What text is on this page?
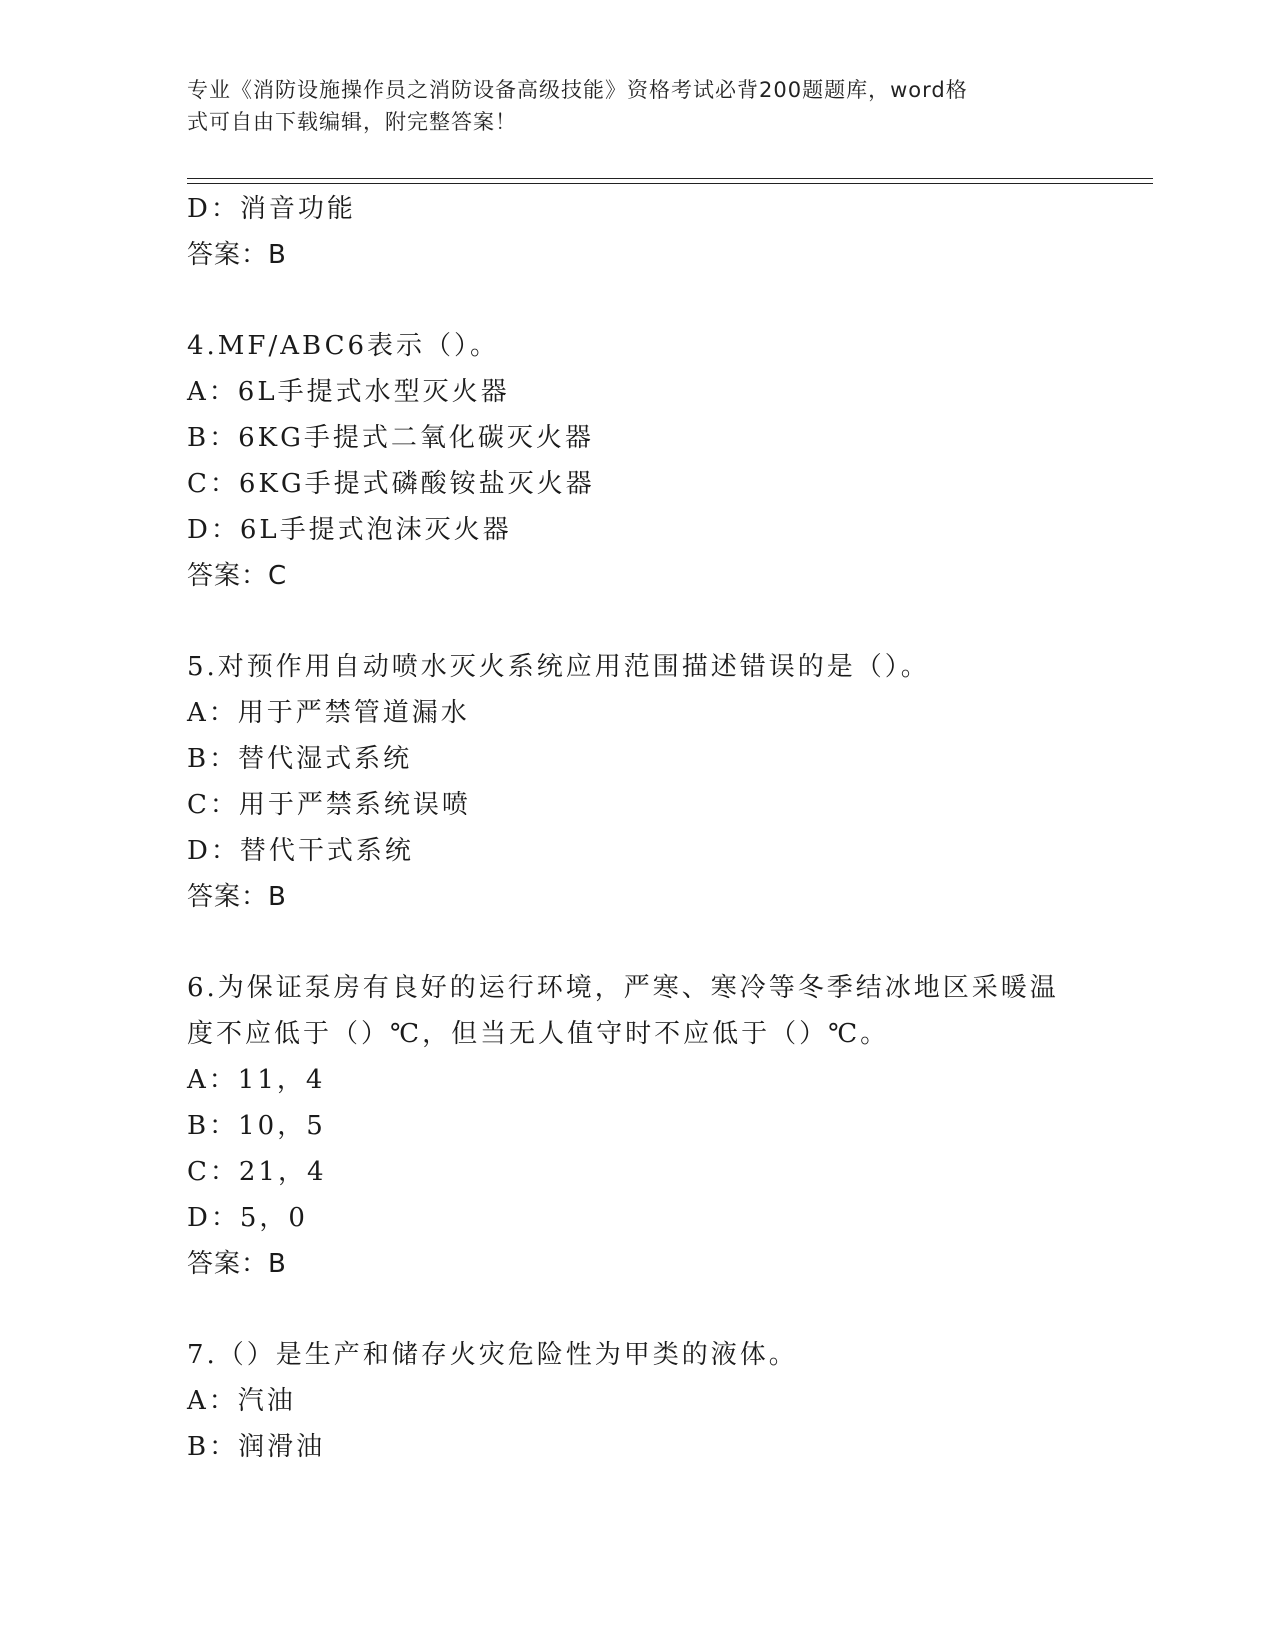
专业《消防设施操作员之消防设备高级技能》资格考试必背200题题库，word格
式可自由下载编辑，附完整答案！
D：消音功能
答案：B
4.MF/ABC6表示（）。
A：6L手提式水型灭火器
B：6KG手提式二氧化碳灭火器
C：6KG手提式磷酸铵盐灭火器
D：6L手提式泡沫灭火器
答案：C
5.对预作用自动喷水灭火系统应用范围描述错误的是（）。
A：用于严禁管道漏水
B：替代湿式系统
C：用于严禁系统误喷
D：替代干式系统
答案：B
6.为保证泵房有良好的运行环境，严寒、寒冷等冬季结冰地区采暖温
度不应低于（）℃，但当无人值守时不应低于（）℃。
A：11，4
B：10，5
C：21，4
D：5，0
答案：B
7.（）是生产和储存火灾危险性为甲类的液体。
A：汽油
B：润滑油
